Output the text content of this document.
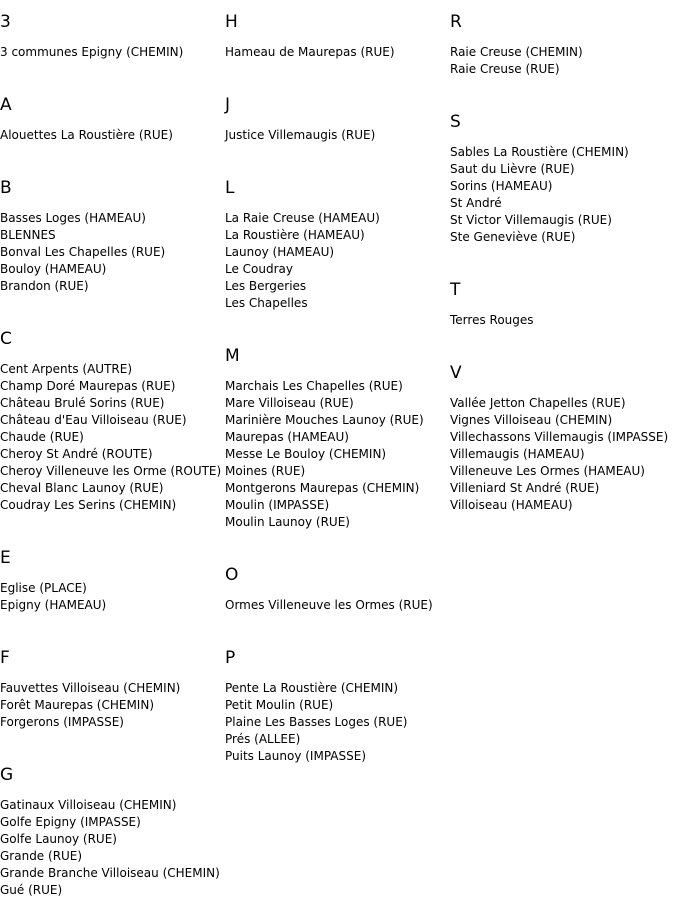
3
3 communes Epigny (CHEMIN)
A
Alouettes La Roustière (RUE)
B
Basses Loges (HAMEAU)
BLENNES
Bonval Les Chapelles (RUE)
Bouloy (HAMEAU)
Brandon (RUE)
C
Cent Arpents (AUTRE)
Champ Doré Maurepas (RUE)
Château Brulé Sorins (RUE)
Château d'Eau Villoiseau (RUE)
Chaude (RUE)
Cheroy St André (ROUTE)
Cheroy Villeneuve les Orme (ROUTE)
Cheval Blanc Launoy (RUE)
Coudray Les Serins (CHEMIN)
E
Eglise (PLACE)
Epigny (HAMEAU)
F
Fauvettes Villoiseau (CHEMIN)
Forêt Maurepas (CHEMIN)
Forgerons (IMPASSE)
G
Gatinaux Villoiseau (CHEMIN)
Golfe Epigny (IMPASSE)
Golfe Launoy (RUE)
Grande (RUE)
Grande Branche Villoiseau (CHEMIN)
Gué (RUE)
H
Hameau de Maurepas (RUE)
J
Justice Villemaugis (RUE)
L
La Raie Creuse (HAMEAU)
La Roustière (HAMEAU)
Launoy (HAMEAU)
Le Coudray
Les Bergeries
Les Chapelles
M
Marchais Les Chapelles (RUE)
Mare Villoiseau (RUE)
Marinière Mouches Launoy (RUE)
Maurepas (HAMEAU)
Messe Le Bouloy (CHEMIN)
Moines (RUE)
Montgerons Maurepas (CHEMIN)
Moulin (IMPASSE)
Moulin Launoy (RUE)
O
Ormes Villeneuve les Ormes (RUE)
P
Pente La Roustière (CHEMIN)
Petit Moulin (RUE)
Plaine Les Basses Loges (RUE)
Prés (ALLEE)
Puits Launoy (IMPASSE)
R
Raie Creuse (CHEMIN)
Raie Creuse (RUE)
S
Sables La Roustière (CHEMIN)
Saut du Lièvre (RUE)
Sorins (HAMEAU)
St André
St Victor Villemaugis (RUE)
Ste Geneviève (RUE)
T
Terres Rouges
V
Vallée Jetton Chapelles (RUE)
Vignes Villoiseau (CHEMIN)
Villechassons Villemaugis (IMPASSE)
Villemaugis (HAMEAU)
Villeneuve Les Ormes (HAMEAU)
Villeniard St André (RUE)
Villoiseau (HAMEAU)
